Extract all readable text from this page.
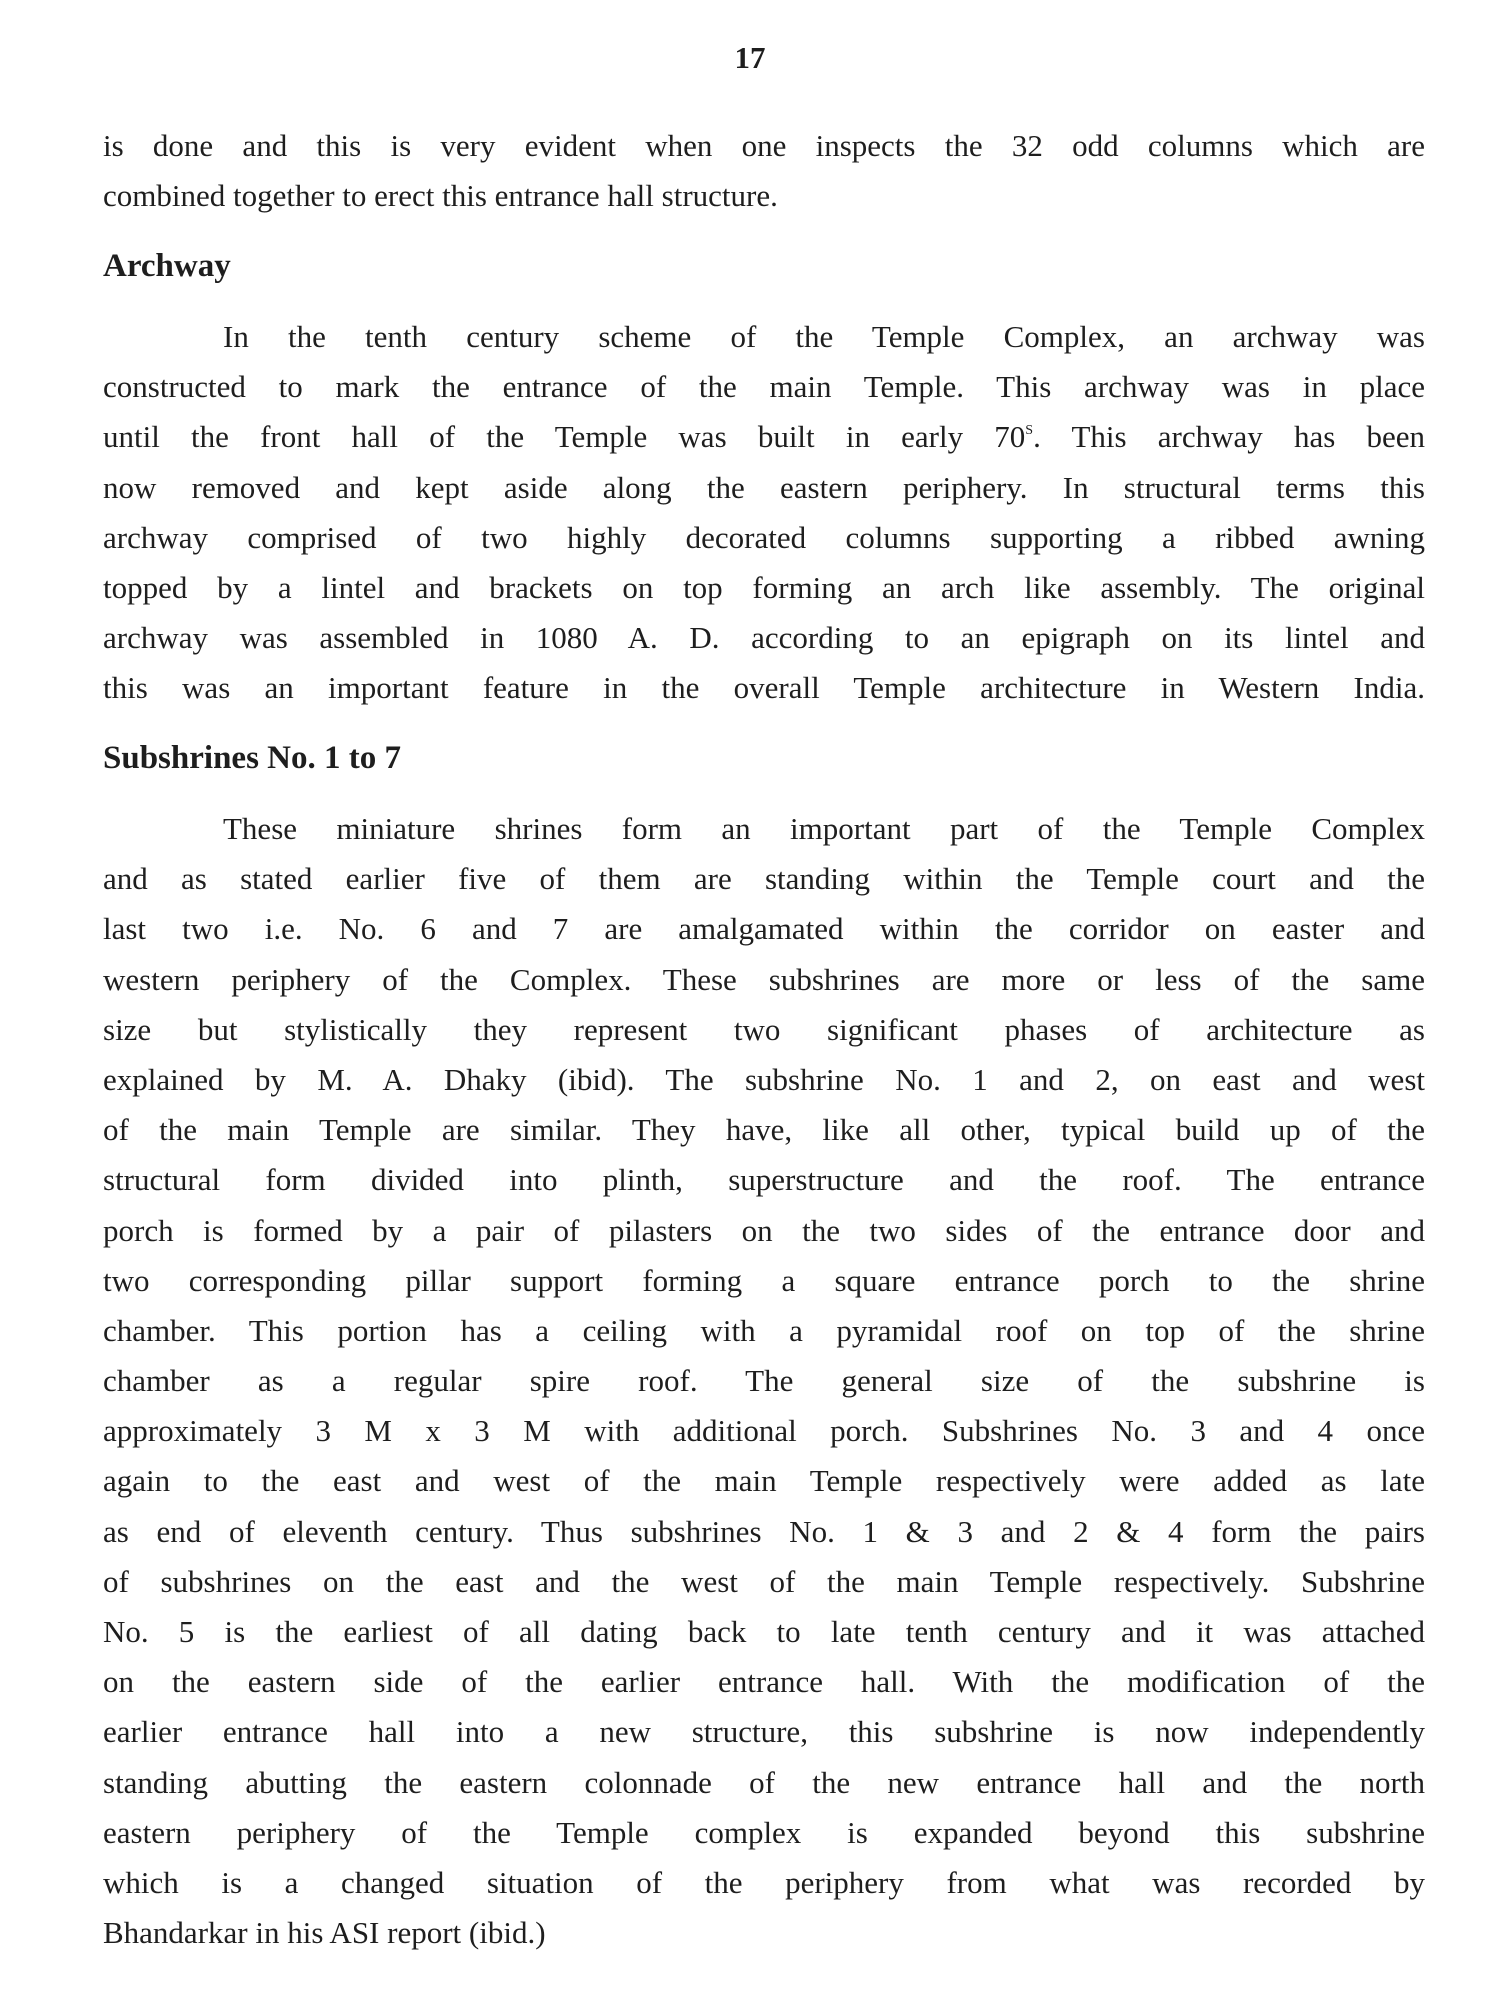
17
is done and this is very evident when one inspects the 32 odd columns which are
combined together to erect this entrance hall structure.
Archway
In the tenth century scheme of the Temple Complex, an archway was
constructed to mark the entrance of the main Temple. This archway was in place
until the front hall of the Temple was built in early $70^S$. This archway has been
now removed and kept aside along the eastern periphery. In structural terms this
archway comprised of two highly decorated columns supporting a ribbed awning
topped by a lintel and brackets on top forming an arch like assembly. The original
archway was assembled in 1080 A. D. according to an epigraph on its lintel and
this was an important feature in the overall Temple architecture in Western India.
Subshrines No. 1 to 7
These miniature shrines form an important part of the Temple Complex
and as stated earlier five of them are standing within the Temple court and the
last two i.e. No. 6 and 7 are amalgamated within the corridor on easter and
western periphery of the Complex. These subshrines are more or less of the same
size but stylistically they represent two significant phases of architecture as
explained by M. A. Dhaky (ibid). The subshrine No. 1 and 2, on east and west
of the main Temple are similar. They have, like all other, typical build up of the
structural form divided into plinth, superstructure and the roof. The entrance
porch is formed by a pair of pilasters on the two sides of the entrance door and
two corresponding pillar support forming a square entrance porch to the shrine
chamber. This portion has a ceiling with a pyramidal roof on top of the shrine
chamber as a regular spire roof. The general size of the subshrine is
approximately 3 M x 3 M with additional porch. Subshrines No. 3 and 4 once
again to the east and west of the main Temple respectively were added as late
as end of eleventh century. Thus subshrines No. 1 & 3 and 2 & 4 form the pairs
of subshrines on the east and the west of the main Temple respectively. Subshrine
No. 5 is the earliest of all dating back to late tenth century and it was attached
on the eastern side of the earlier entrance hall. With the modification of the
earlier entrance hall into a new structure, this subshrine is now independently
standing abutting the eastern colonnade of the new entrance hall and the north
eastern periphery of the Temple complex is expanded beyond this subshrine
which is a changed situation of the periphery from what was recorded by
Bhandarkar in his ASI report (ibid.)
